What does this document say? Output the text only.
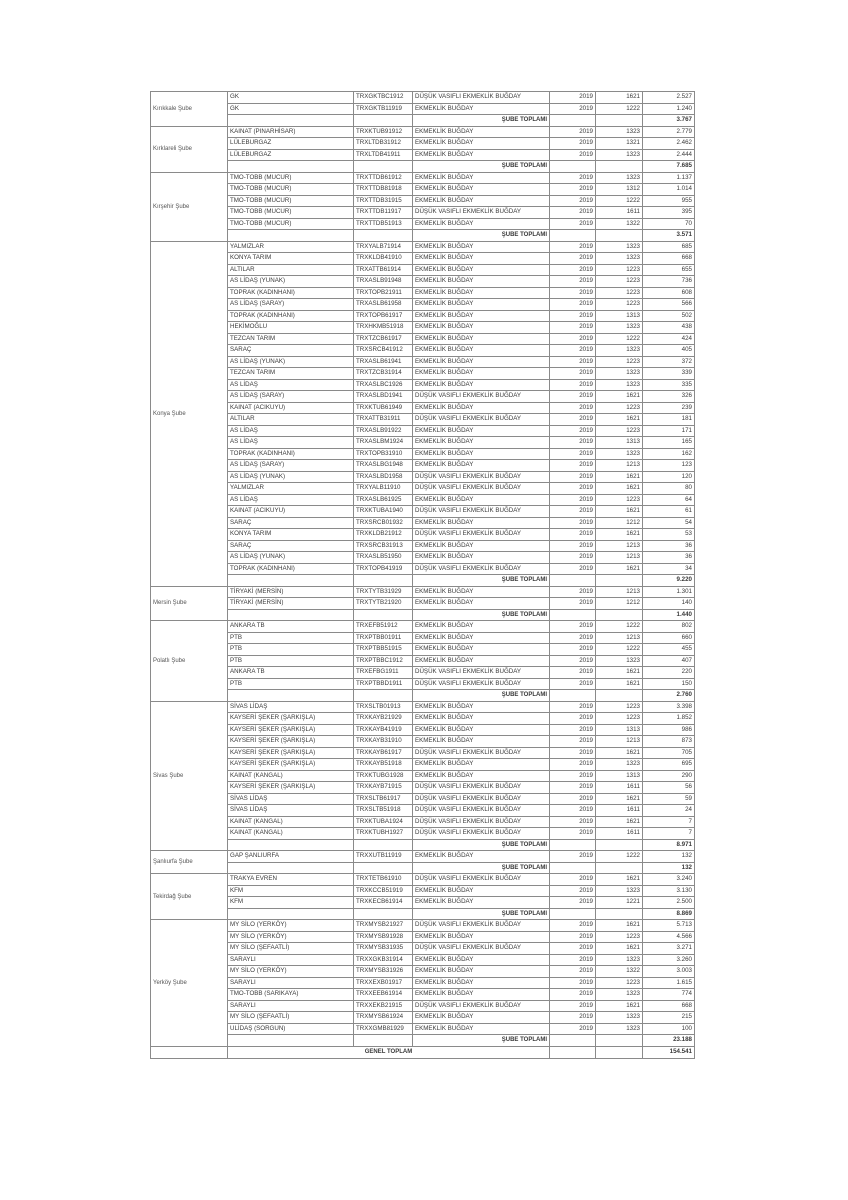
Kırıkkale Şube	GK	TRXGKTBC1912	DÜŞÜK VASIFLI EKMEKLİK BUĞDAY	2019	1621	2.527
	GK	TRXGKTB11919	EKMEKLİK BUĞDAY	2019	1222	1.240
			ŞUBE TOPLAMI			3.767
Kırklareli Şube	KAINAT (PINARHİSAR)	TRXKTUB91912	EKMEKLİK BUĞDAY	2019	1323	2.779
	LÜLEBURGAZ	TRXLTDB31912	EKMEKLİK BUĞDAY	2019	1321	2.462
	LÜLEBURGAZ	TRXLTDB41911	EKMEKLİK BUĞDAY	2019	1323	2.444
			ŞUBE TOPLAMI			7.685
Kırşehir Şube	TMO-TOBB (MUCUR)	TRXTTDB61912	EKMEKLİK BUĞDAY	2019	1323	1.137
	TMO-TOBB (MUCUR)	TRXTTDB81918	EKMEKLİK BUĞDAY	2019	1312	1.014
	TMO-TOBB (MUCUR)	TRXTTDB31915	EKMEKLİK BUĞDAY	2019	1222	955
	TMO-TOBB (MUCUR)	TRXTTDB11917	DÜŞÜK VASIFLI EKMEKLİK BUĞDAY	2019	1611	395
	TMO-TOBB (MUCUR)	TRXTTDB51913	EKMEKLİK BUĞDAY	2019	1322	70
			ŞUBE TOPLAMI			3.571
Konya Şube	YALMIZLAR	TRXYALB71914	EKMEKLİK BUĞDAY	2019	1323	685
	KONYA TARIM	TRXKLDB41910	EKMEKLİK BUĞDAY	2019	1323	668
	ALTILAR	TRXATTB61914	EKMEKLİK BUĞDAY	2019	1223	655
	AS LİDAŞ (YUNAK)	TRXASLB91948	EKMEKLİK BUĞDAY	2019	1223	736
	TOPRAK (KADINHANI)	TRXTOPB21911	EKMEKLİK BUĞDAY	2019	1223	608
	AS LİDAŞ (SARAY)	TRXASLB61958	EKMEKLİK BUĞDAY	2019	1223	566
	TOPRAK (KADINHANI)	TRXTOPB61917	EKMEKLİK BUĞDAY	2019	1313	502
	HEKİMOĞLU	TRXHKMB51918	EKMEKLİK BUĞDAY	2019	1323	438
	TEZCAN TARIM	TRXTZCB61917	EKMEKLİK BUĞDAY	2019	1222	424
	SARAÇ	TRXSRCB41912	EKMEKLİK BUĞDAY	2019	1323	405
	AS LİDAŞ (YUNAK)	TRXASLB61941	EKMEKLİK BUĞDAY	2019	1223	372
	TEZCAN TARIM	TRXTZCB31914	EKMEKLİK BUĞDAY	2019	1323	339
	AS LİDAŞ	TRXASLBC1926	EKMEKLİK BUĞDAY	2019	1323	335
	AS LİDAŞ (SARAY)	TRXASLBD1941	DÜŞÜK VASIFLI EKMEKLİK BUĞDAY	2019	1621	326
	KAINAT (ACIKUYU)	TRXKTUB61949	EKMEKLİK BUĞDAY	2019	1223	239
	ALTILAR	TRXATTB31911	DÜŞÜK VASIFLI EKMEKLİK BUĞDAY	2019	1621	181
	AS LİDAŞ	TRXASLB91922	EKMEKLİK BUĞDAY	2019	1223	171
	AS LİDAŞ	TRXASLBM1924	EKMEKLİK BUĞDAY	2019	1313	165
	TOPRAK (KADINHANI)	TRXTOPB31910	EKMEKLİK BUĞDAY	2019	1323	162
	AS LİDAŞ (SARAY)	TRXASLBG1948	EKMEKLİK BUĞDAY	2019	1213	123
	AS LİDAŞ (YUNAK)	TRXASLBD1958	DÜŞÜK VASIFLI EKMEKLİK BUĞDAY	2019	1621	120
	YALMIZLAR	TRXYALB11910	DÜŞÜK VASIFLI EKMEKLİK BUĞDAY	2019	1621	80
	AS LİDAŞ	TRXASLB61925	EKMEKLİK BUĞDAY	2019	1223	64
	KAINAT (ACIKUYU)	TRXKTUBA1940	DÜŞÜK VASIFLI EKMEKLİK BUĞDAY	2019	1621	61
	SARAÇ	TRXSRCB01932	EKMEKLİK BUĞDAY	2019	1212	54
	KONYA TARIM	TRXKLDB21912	DÜŞÜK VASIFLI EKMEKLİK BUĞDAY	2019	1621	53
	SARAÇ	TRXSRCB31913	EKMEKLİK BUĞDAY	2019	1213	36
	AS LİDAŞ (YUNAK)	TRXASLB51950	EKMEKLİK BUĞDAY	2019	1213	36
	TOPRAK (KADINHANI)	TRXTOPB41919	DÜŞÜK VASIFLI EKMEKLİK BUĞDAY	2019	1621	34
			ŞUBE TOPLAMI			9.220
Mersin Şube	TİRYAKİ (MERSİN)	TRXTYTB31929	EKMEKLİK BUĞDAY	2019	1213	1.301
	TİRYAKİ (MERSİN)	TRXTYTB21920	EKMEKLİK BUĞDAY	2019	1212	140
			ŞUBE TOPLAMI			1.440
Polatlı Şube	ANKARA TB	TRXEFB51912	EKMEKLİK BUĞDAY	2019	1222	802
	PTB	TRXPTBB01911	EKMEKLİK BUĞDAY	2019	1213	660
	PTB	TRXPTBB51915	EKMEKLİK BUĞDAY	2019	1222	455
	PTB	TRXPTBBC1912	EKMEKLİK BUĞDAY	2019	1323	407
	ANKARA TB	TRXEFBG1911	DÜŞÜK VASIFLI EKMEKLİK BUĞDAY	2019	1621	220
	PTB	TRXPTBBD1911	DÜŞÜK VASIFLI EKMEKLİK BUĞDAY	2019	1621	150
			ŞUBE TOPLAMI			2.760
Sivas Şube	SİVAS LİDAŞ	TRXSLTB01913	EKMEKLİK BUĞDAY	2019	1223	3.398
	KAYSERİ ŞEKER (ŞARKIŞLA)	TRXKAYB21929	EKMEKLİK BUĞDAY	2019	1223	1.852
	KAYSERİ ŞEKER (ŞARKIŞLA)	TRXKAYB41919	EKMEKLİK BUĞDAY	2019	1313	986
	KAYSERİ ŞEKER (ŞARKIŞLA)	TRXKAYB31910	EKMEKLİK BUĞDAY	2019	1213	873
	KAYSERİ ŞEKER (ŞARKIŞLA)	TRXKAYB61917	DÜŞÜK VASIFLI EKMEKLİK BUĞDAY	2019	1621	705
	KAYSERİ ŞEKER (ŞARKIŞLA)	TRXKAYB51918	EKMEKLİK BUĞDAY	2019	1323	695
	KAINAT (KANGAL)	TRXKTUBG1928	EKMEKLİK BUĞDAY	2019	1313	290
	KAYSERİ ŞEKER (ŞARKIŞLA)	TRXKAYB71915	DÜŞÜK VASIFLI EKMEKLİK BUĞDAY	2019	1611	56
	SİVAS LİDAŞ	TRXSLTB61917	DÜŞÜK VASIFLI EKMEKLİK BUĞDAY	2019	1621	59
	SİVAS LİDAŞ	TRXSLTB51918	DÜŞÜK VASIFLI EKMEKLİK BUĞDAY	2019	1611	24
	KAINAT (KANGAL)	TRXKTUBA1924	DÜŞÜK VASIFLI EKMEKLİK BUĞDAY	2019	1621	7
	KAINAT (KANGAL)	TRXKTUBH1927	DÜŞÜK VASIFLI EKMEKLİK BUĞDAY	2019	1611	7
			ŞUBE TOPLAMI			8.971
Şanlıurfa Şube	GAP ŞANLIURFA	TRXXUTB11919	EKMEKLİK BUĞDAY	2019	1222	132
			ŞUBE TOPLAMI			132
Tekirdağ Şube	TRAKYA EVREN	TRXTETB61910	DÜŞÜK VASIFLI EKMEKLİK BUĞDAY	2019	1621	3.240
	KFM	TRXKCCB51919	EKMEKLİK BUĞDAY	2019	1323	3.130
	KFM	TRXKECB61914	EKMEKLİK BUĞDAY	2019	1221	2.500
			ŞUBE TOPLAMI			8.869
Yerköy Şube	MY SİLO (YERKÖY)	TRXMYSB21927	DÜŞÜK VASIFLI EKMEKLİK BUĞDAY	2019	1621	5.713
	MY SİLO (YERKÖY)	TRXMYSB91928	EKMEKLİK BUĞDAY	2019	1223	4.566
	MY SİLO (ŞEFAATLİ)	TRXMYSB31935	DÜŞÜK VASIFLI EKMEKLİK BUĞDAY	2019	1621	3.271
	SARAYLI	TRXXGKB31914	EKMEKLİK BUĞDAY	2019	1323	3.260
	MY SİLO (YERKÖY)	TRXMYSB31926	EKMEKLİK BUĞDAY	2019	1322	3.003
	SARAYLI	TRXXEXB01917	EKMEKLİK BUĞDAY	2019	1223	1.615
	TMO-TOBB (SARIKAYA)	TRXXEEB61914	EKMEKLİK BUĞDAY	2019	1323	774
	SARAYLI	TRXXEKB21915	DÜŞÜK VASIFLI EKMEKLİK BUĞDAY	2019	1621	668
	MY SİLO (ŞEFAATLİ)	TRXMYSB61924	EKMEKLİK BUĞDAY	2019	1323	215
	ULİDAŞ (SORGUN)	TRXXGMB81929	EKMEKLİK BUĞDAY	2019	1323	100
			ŞUBE TOPLAMI			23.188
	GENEL TOPLAM					154.541
